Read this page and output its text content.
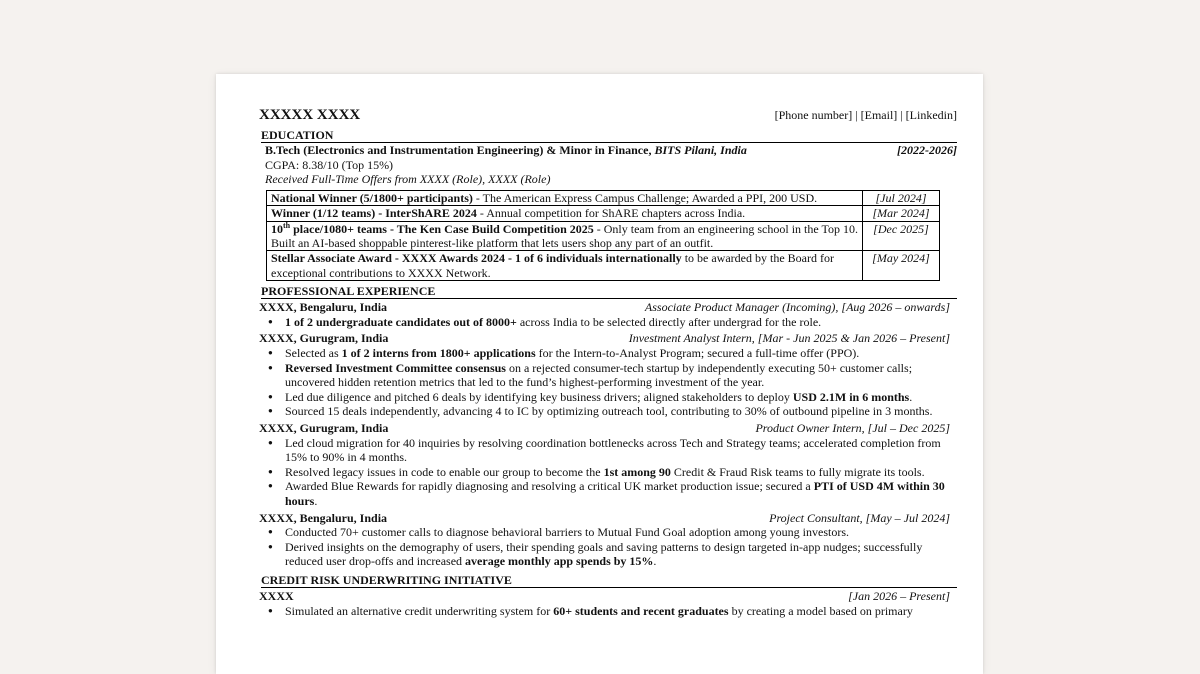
XXXXX XXXX	[Phone number] | [Email] | [Linkedin]
EDUCATION
B.Tech (Electronics and Instrumentation Engineering) & Minor in Finance, BITS Pilani, India	[2022-2026]
CGPA: 8.38/10 (Top 15%)
Received Full-Time Offers from XXXX (Role), XXXX (Role)
National Winner (5/1800+ participants) - The American Express Campus Challenge; Awarded a PPI, 200 USD.	[Jul 2024]
Winner (1/12 teams) - InterShARE 2024 - Annual competition for ShARE chapters across India.	[Mar 2024]
10th place/1080+ teams - The Ken Case Build Competition 2025 - Only team from an engineering school in the Top 10. Built an AI-based shoppable pinterest-like platform that lets users shop any part of an outfit.	[Dec 2025]
Stellar Associate Award - XXXX Awards 2024 - 1 of 6 individuals internationally to be awarded by the Board for exceptional contributions to XXXX Network.	[May 2024]
PROFESSIONAL EXPERIENCE
XXXX, Bengaluru, India	Associate Product Manager (Incoming), [Aug 2026 – onwards]
● 1 of 2 undergraduate candidates out of 8000+ across India to be selected directly after undergrad for the role.
XXXX, Gurugram, India	Investment Analyst Intern, [Mar - Jun 2025 & Jan 2026 – Present]
● Selected as 1 of 2 interns from 1800+ applications for the Intern-to-Analyst Program; secured a full-time offer (PPO).
● Reversed Investment Committee consensus on a rejected consumer-tech startup by independently executing 50+ customer calls; uncovered hidden retention metrics that led to the fund’s highest-performing investment of the year.
● Led due diligence and pitched 6 deals by identifying key business drivers; aligned stakeholders to deploy USD 2.1M in 6 months.
● Sourced 15 deals independently, advancing 4 to IC by optimizing outreach tool, contributing to 30% of outbound pipeline in 3 months.
XXXX, Gurugram, India	Product Owner Intern, [Jul – Dec 2025]
● Led cloud migration for 40 inquiries by resolving coordination bottlenecks across Tech and Strategy teams; accelerated completion from 15% to 90% in 4 months.
● Resolved legacy issues in code to enable our group to become the 1st among 90 Credit & Fraud Risk teams to fully migrate its tools.
● Awarded Blue Rewards for rapidly diagnosing and resolving a critical UK market production issue; secured a PTI of USD 4M within 30 hours.
XXXX, Bengaluru, India	Project Consultant, [May – Jul 2024]
● Conducted 70+ customer calls to diagnose behavioral barriers to Mutual Fund Goal adoption among young investors.
● Derived insights on the demography of users, their spending goals and saving patterns to design targeted in-app nudges; successfully reduced user drop-offs and increased average monthly app spends by 15%.
CREDIT RISK UNDERWRITING INITIATIVE
XXXX	[Jan 2026 – Present]
● Simulated an alternative credit underwriting system for 60+ students and recent graduates by creating a model based on primary
